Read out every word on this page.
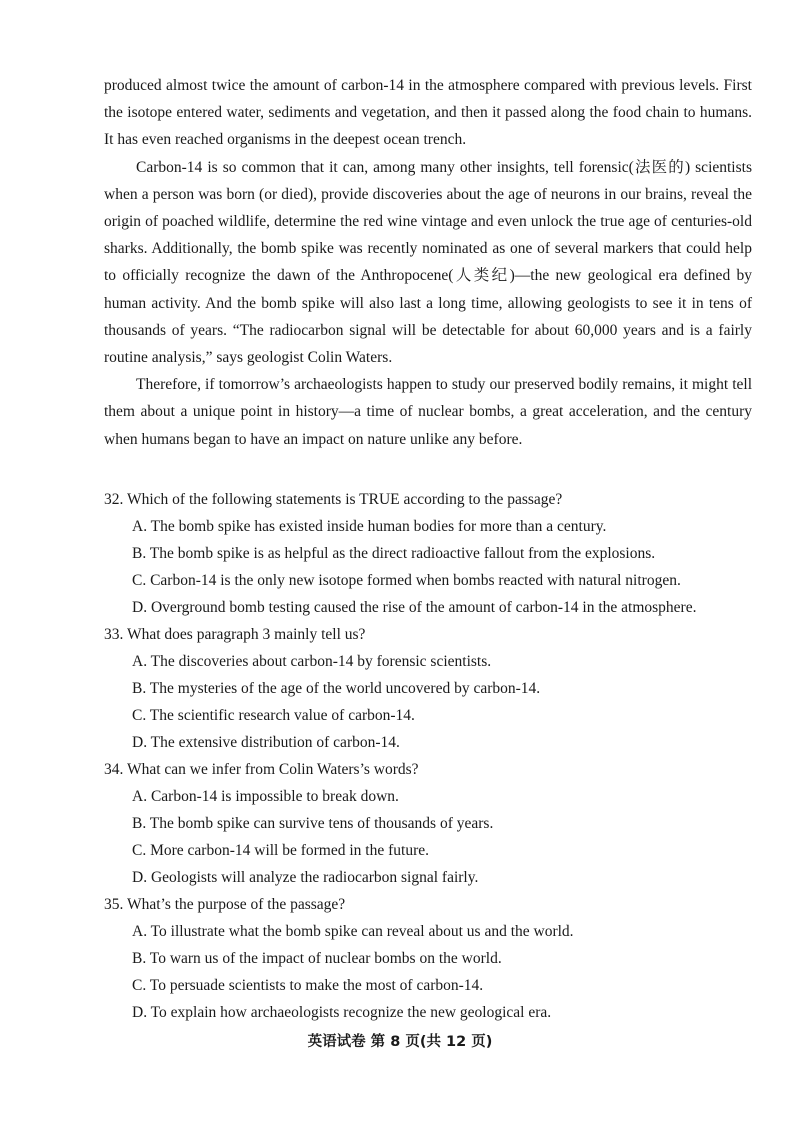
produced almost twice the amount of carbon-14 in the atmosphere compared with previous levels. First the isotope entered water, sediments and vegetation, and then it passed along the food chain to humans. It has even reached organisms in the deepest ocean trench.

Carbon-14 is so common that it can, among many other insights, tell forensic(法医的) scientists when a person was born (or died), provide discoveries about the age of neurons in our brains, reveal the origin of poached wildlife, determine the red wine vintage and even unlock the true age of centuries-old sharks. Additionally, the bomb spike was recently nominated as one of several markers that could help to officially recognize the dawn of the Anthropocene(人类纪)—the new geological era defined by human activity. And the bomb spike will also last a long time, allowing geologists to see it in tens of thousands of years. “The radiocarbon signal will be detectable for about 60,000 years and is a fairly routine analysis,” says geologist Colin Waters.

Therefore, if tomorrow’s archaeologists happen to study our preserved bodily remains, it might tell them about a unique point in history—a time of nuclear bombs, a great acceleration, and the century when humans began to have an impact on nature unlike any before.

32. Which of the following statements is TRUE according to the passage?
A. The bomb spike has existed inside human bodies for more than a century.
B. The bomb spike is as helpful as the direct radioactive fallout from the explosions.
C. Carbon-14 is the only new isotope formed when bombs reacted with natural nitrogen.
D. Overground bomb testing caused the rise of the amount of carbon-14 in the atmosphere.
33. What does paragraph 3 mainly tell us?
A. The discoveries about carbon-14 by forensic scientists.
B. The mysteries of the age of the world uncovered by carbon-14.
C. The scientific research value of carbon-14.
D. The extensive distribution of carbon-14.
34. What can we infer from Colin Waters’s words?
A. Carbon-14 is impossible to break down.
B. The bomb spike can survive tens of thousands of years.
C. More carbon-14 will be formed in the future.
D. Geologists will analyze the radiocarbon signal fairly.
35. What’s the purpose of the passage?
A. To illustrate what the bomb spike can reveal about us and the world.
B. To warn us of the impact of nuclear bombs on the world.
C. To persuade scientists to make the most of carbon-14.
D. To explain how archaeologists recognize the new geological era.
英语试卷 第 8 页(共 12 页)
